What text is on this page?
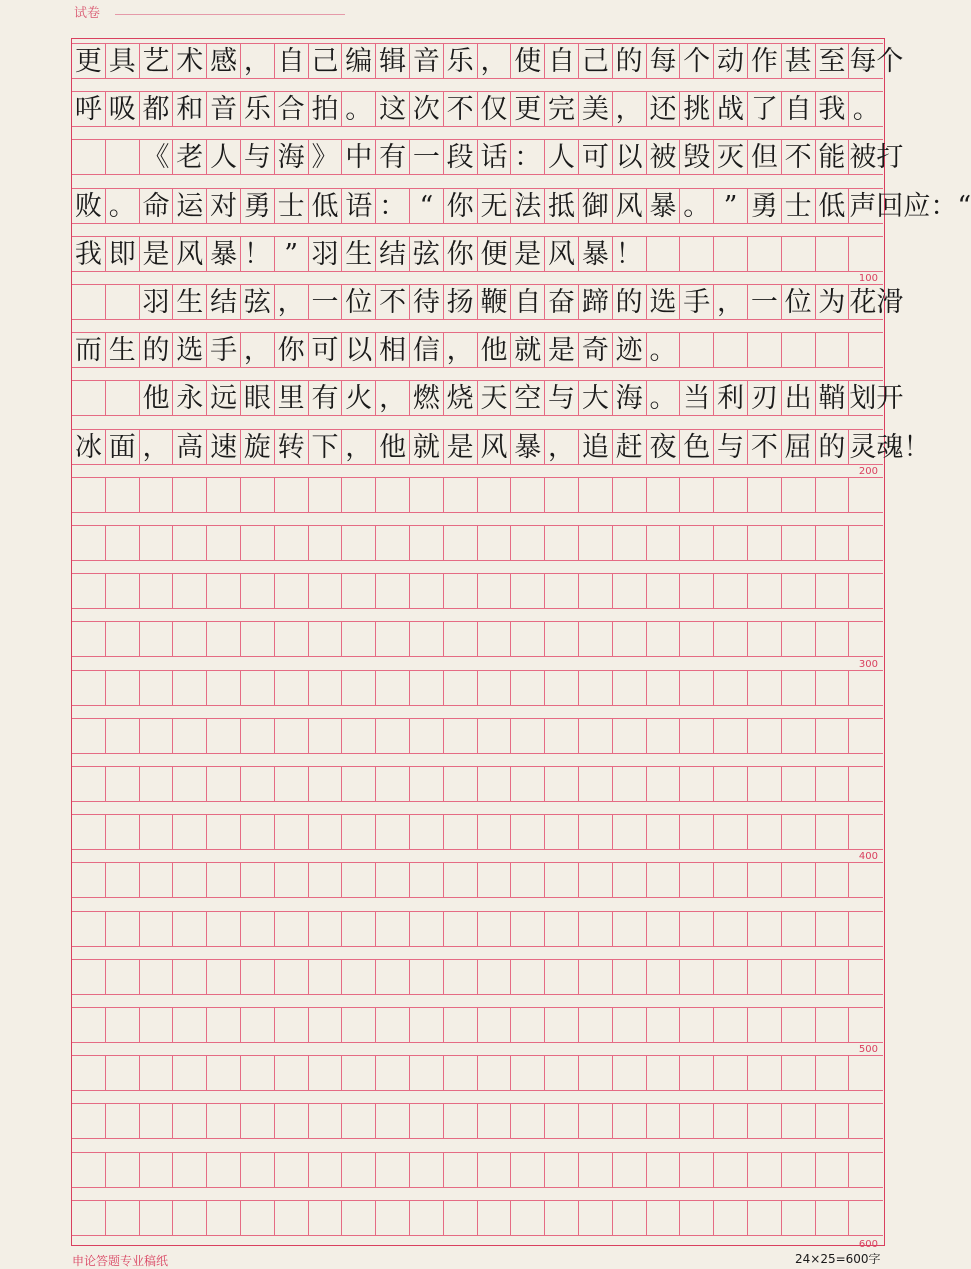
试卷
更 具 艺 术 感 ， 自 己 编 辑 音 乐 ， 使 自 己 的 每 个 动 作 甚 至 每个
呼 吸 都 和 音 乐 合 拍 。 这 次 不 仅 更 完 美 ， 还 挑 战 了 自 我 。
《 老 人 与 海 》 中 有 一 段 话 ： 人 可 以 被 毁 灭 但 不 能 被打
败 。 命 运 对 勇 士 低 语 ： “ 你 无 法 抵 御 风 暴 。 ” 勇 士 低 声回应：“
我 即 是 风 暴 ！ ” 羽 生 结 弦 你 便 是 风 暴 ！
羽 生 结 弦 ， 一 位 不 待 扬 鞭 自 奋 蹄 的 选 手 ， 一 位 为 花滑
而 生 的 选 手 ， 你 可 以 相 信 ， 他 就 是 奇 迹 。
他 永 远 眼 里 有 火 ， 燃 烧 天 空 与 大 海 。 当 利 刃 出 鞘 划开
冰 面 ， 高 速 旋 转 下 ， 他 就 是 风 暴 ， 追 赶 夜 色 与 不 屈 的 灵魂！
100
200
300
400
500
600
申论答题专业稿纸	24×25=600字
